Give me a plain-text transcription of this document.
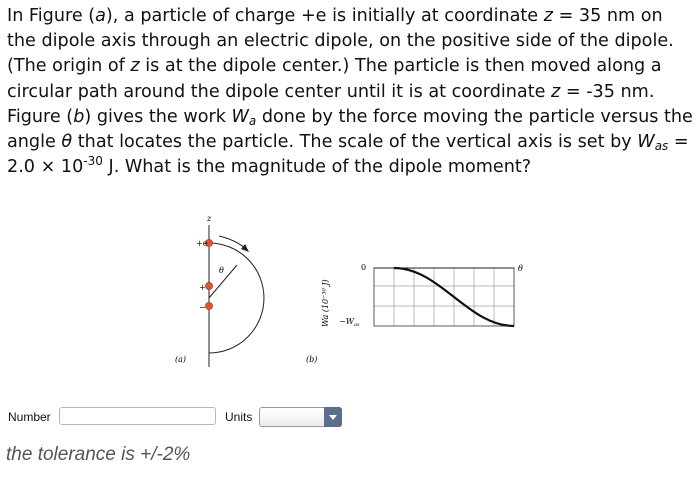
In Figure (a), a particle of charge +e is initially at coordinate z = 35 nm on the dipole axis through an electric dipole, on the positive side of the dipole. (The origin of z is at the dipole center.) The particle is then moved along a circular path around the dipole center until it is at coordinate z = -35 nm. Figure (b) gives the work $W_a$ done by the force moving the particle versus the angle θ that locates the particle. The scale of the vertical axis is set by $W_{as} = 2.0 \times 10^{-30}$ J. What is the magnitude of the dipole moment?
z
θ
+e
+
−
(a)
Wa (10⁻³⁰ J)
0
$-W_{as}$
θ
(b)
Number	Units
the tolerance is +/-2%
